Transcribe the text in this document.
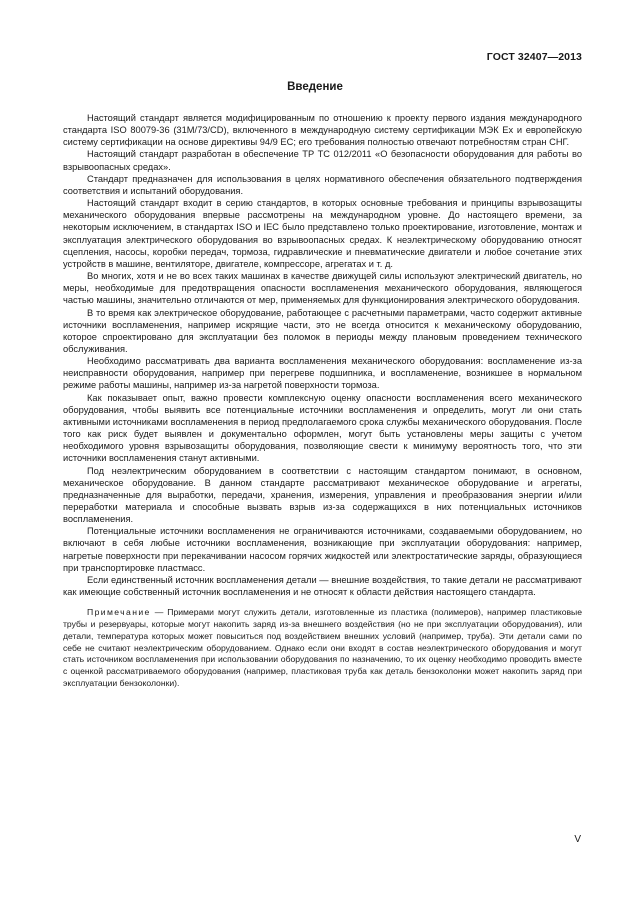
ГОСТ 32407—2013
Введение

Настоящий стандарт является модифицированным по отношению к проекту первого издания международного стандарта ISO 80079-36 (31M/73/CD), включенного в международную систему сертификации МЭК Ех и европейскую систему сертификации на основе директивы 94/9 ЕС; его требования полностью отвечают потребностям стран СНГ.

Настоящий стандарт разработан в обеспечение ТР ТС 012/2011 «О безопасности оборудования для работы во взрывоопасных средах».

Стандарт предназначен для использования в целях нормативного обеспечения обязательного подтверждения соответствия и испытаний оборудования.

Настоящий стандарт входит в серию стандартов, в которых основные требования и принципы взрывозащиты механического оборудования впервые рассмотрены на международном уровне. До настоящего времени, за некоторым исключением, в стандартах ISO и IEC было представлено только проектирование, изготовление, монтаж и эксплуатация электрического оборудования во взрывоопасных средах. К неэлектрическому оборудованию относят сцепления, насосы, коробки передач, тормоза, гидравлические и пневматические двигатели и любое сочетание этих устройств в машине, вентиляторе, двигателе, компрессоре, агрегатах и т. д.

Во многих, хотя и не во всех таких машинах в качестве движущей силы используют электрический двигатель, но меры, необходимые для предотвращения опасности воспламенения механического оборудования, являющегося частью машины, значительно отличаются от мер, применяемых для функционирования электрического оборудования.

В то время как электрическое оборудование, работающее с расчетными параметрами, часто содержит активные источники воспламенения, например искрящие части, это не всегда относится к механическому оборудованию, которое спроектировано для эксплуатации без поломок в периоды между плановым проведением технического обслуживания.

Необходимо рассматривать два варианта воспламенения механического оборудования: воспламенение из-за неисправности оборудования, например при перегреве подшипника, и воспламенение, возникшее в нормальном режиме работы машины, например из-за нагретой поверхности тормоза.

Как показывает опыт, важно провести комплексную оценку опасности воспламенения всего механического оборудования, чтобы выявить все потенциальные источники воспламенения и определить, могут ли они стать активными источниками воспламенения в период предполагаемого срока службы механического оборудования. После того как риск будет выявлен и документально оформлен, могут быть установлены меры защиты с учетом необходимого уровня взрывозащиты оборудования, позволяющие свести к минимуму вероятность того, что эти источники воспламенения станут активными.

Под неэлектрическим оборудованием в соответствии с настоящим стандартом понимают, в основном, механическое оборудование. В данном стандарте рассматривают механическое оборудование и агрегаты, предназначенные для выработки, передачи, хранения, измерения, управления и преобразования энергии и/или переработки материала и способные вызвать взрыв из-за содержащихся в них потенциальных источников воспламенения.

Потенциальные источники воспламенения не ограничиваются источниками, создаваемыми оборудованием, но включают в себя любые источники воспламенения, возникающие при эксплуатации оборудования: например, нагретые поверхности при перекачивании насосом горячих жидкостей или электростатические заряды, образующиеся при транспортировке пластмасс.

Если единственный источник воспламенения детали — внешние воздействия, то такие детали не рассматривают как имеющие собственный источник воспламенения и не относят к области действия настоящего стандарта.

Примечание — Примерами могут служить детали, изготовленные из пластика (полимеров), например пластиковые трубы и резервуары, которые могут накопить заряд из-за внешнего воздействия (но не при эксплуатации оборудования), или детали, температура которых может повыситься под воздействием внешних условий (например, труба). Эти детали сами по себе не считают неэлектрическим оборудованием. Однако если они входят в состав неэлектрического оборудования и могут стать источником воспламенения при использовании оборудования по назначению, то их оценку необходимо проводить вместе с оценкой рассматриваемого оборудования (например, пластиковая труба как деталь бензоколонки может накопить заряд при эксплуатации бензоколонки).

V
